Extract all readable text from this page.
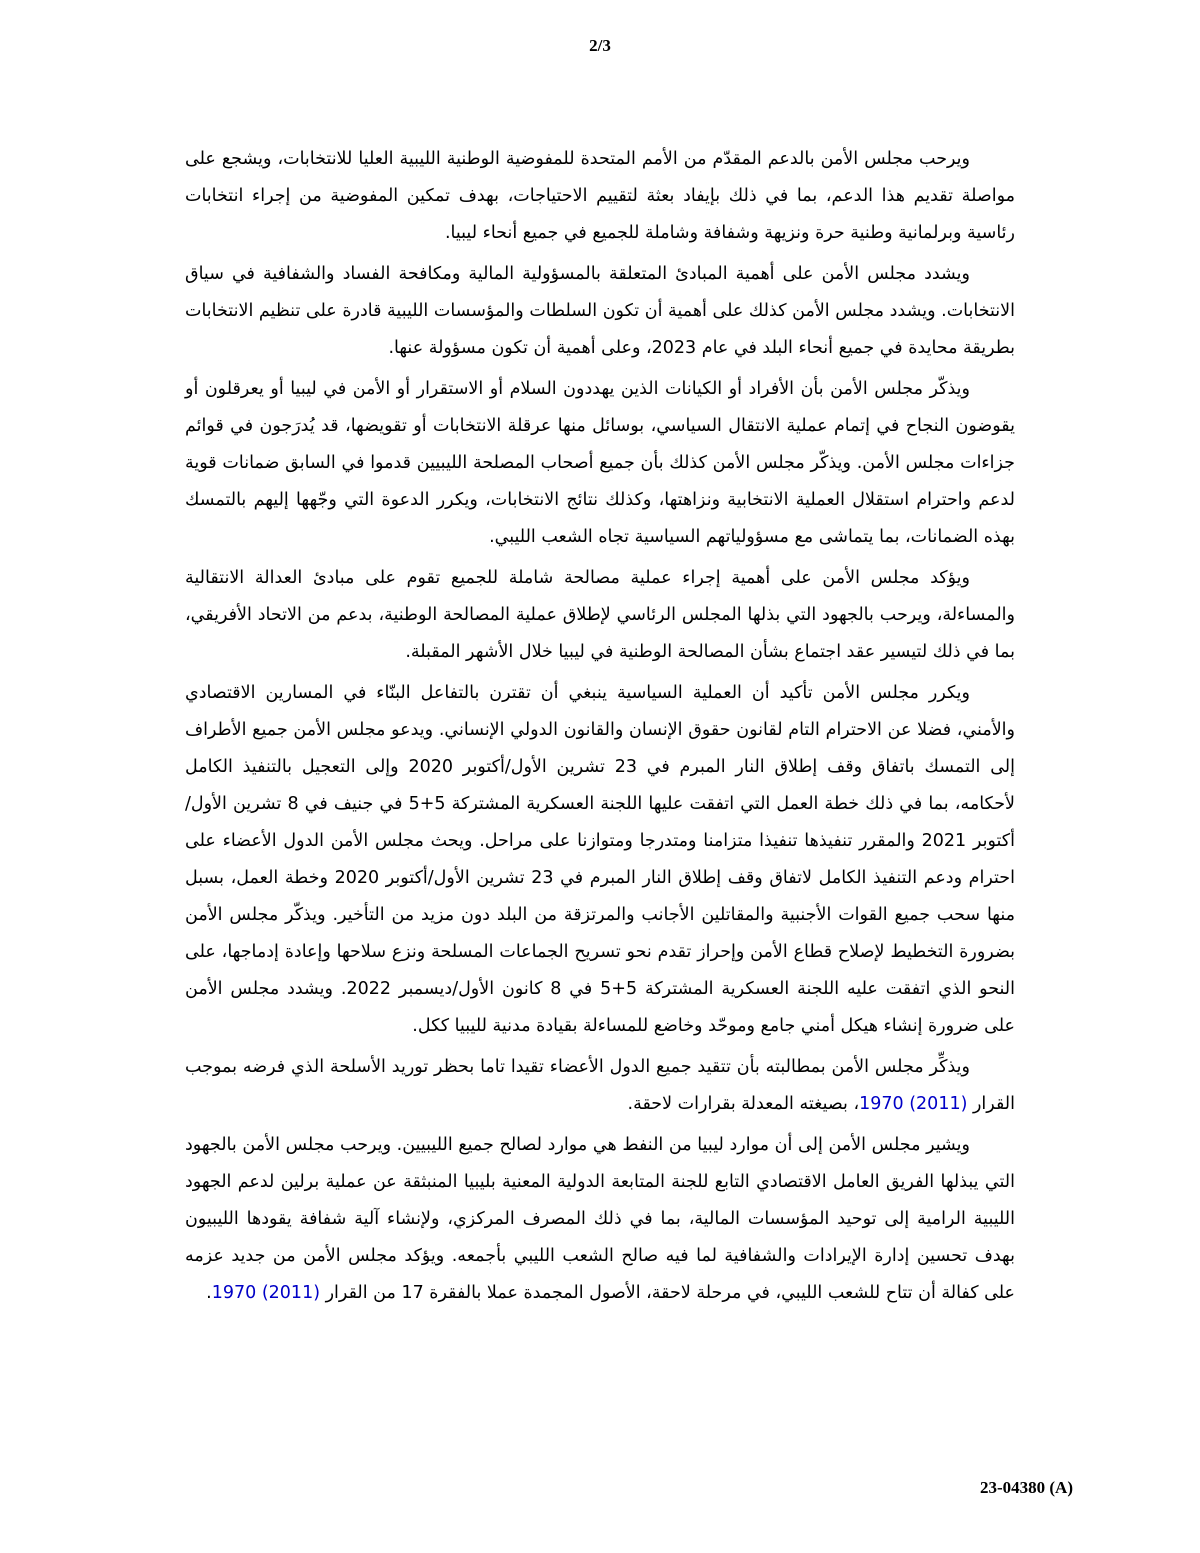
2/3

ويرحب مجلس الأمن بالدعم المقدّم من الأمم المتحدة للمفوضية الوطنية الليبية العليا للانتخابات، ويشجع على مواصلة تقديم هذا الدعم، بما في ذلك بإيفاد بعثة لتقييم الاحتياجات، بهدف تمكين المفوضية من إجراء انتخابات رئاسية وبرلمانية وطنية حرة ونزيهة وشفافة وشاملة للجميع في جميع أنحاء ليبيا.

ويشدد مجلس الأمن على أهمية المبادئ المتعلقة بالمسؤولية المالية ومكافحة الفساد والشفافية في سياق الانتخابات. ويشدد مجلس الأمن كذلك على أهمية أن تكون السلطات والمؤسسات الليبية قادرة على تنظيم الانتخابات بطريقة محايدة في جميع أنحاء البلد في عام 2023، وعلى أهمية أن تكون مسؤولة عنها.

ويذكّر مجلس الأمن بأن الأفراد أو الكيانات الذين يهددون السلام أو الاستقرار أو الأمن في ليبيا أو يعرقلون أو يقوضون النجاح في إتمام عملية الانتقال السياسي، بوسائل منها عرقلة الانتخابات أو تقويضها، قد يُدرَجون في قوائم جزاءات مجلس الأمن. ويذكّر مجلس الأمن كذلك بأن جميع أصحاب المصلحة الليبيين قدموا في السابق ضمانات قوية لدعم واحترام استقلال العملية الانتخابية ونزاهتها، وكذلك نتائج الانتخابات، ويكرر الدعوة التي وجّهها إليهم بالتمسك بهذه الضمانات، بما يتماشى مع مسؤولياتهم السياسية تجاه الشعب الليبي.

ويؤكد مجلس الأمن على أهمية إجراء عملية مصالحة شاملة للجميع تقوم على مبادئ العدالة الانتقالية والمساءلة، ويرحب بالجهود التي بذلها المجلس الرئاسي لإطلاق عملية المصالحة الوطنية، بدعم من الاتحاد الأفريقي، بما في ذلك لتيسير عقد اجتماع بشأن المصالحة الوطنية في ليبيا خلال الأشهر المقبلة.

ويكرر مجلس الأمن تأكيد أن العملية السياسية ينبغي أن تقترن بالتفاعل البنّاء في المسارين الاقتصادي والأمني، فضلا عن الاحترام التام لقانون حقوق الإنسان والقانون الدولي الإنساني. ويدعو مجلس الأمن جميع الأطراف إلى التمسك باتفاق وقف إطلاق النار المبرم في 23 تشرين الأول/أكتوبر 2020 وإلى التعجيل بالتنفيذ الكامل لأحكامه، بما في ذلك خطة العمل التي اتفقت عليها اللجنة العسكرية المشتركة 5+5 في جنيف في 8 تشرين الأول/أكتوبر 2021 والمقرر تنفيذها تنفيذا متزامنا ومتدرجا ومتوازنا على مراحل. ويحث مجلس الأمن الدول الأعضاء على احترام ودعم التنفيذ الكامل لاتفاق وقف إطلاق النار المبرم في 23 تشرين الأول/أكتوبر 2020 وخطة العمل، بسبل منها سحب جميع القوات الأجنبية والمقاتلين الأجانب والمرتزقة من البلد دون مزيد من التأخير. ويذكّر مجلس الأمن بضرورة التخطيط لإصلاح قطاع الأمن وإحراز تقدم نحو تسريح الجماعات المسلحة ونزع سلاحها وإعادة إدماجها، على النحو الذي اتفقت عليه اللجنة العسكرية المشتركة 5+5 في 8 كانون الأول/ديسمبر 2022. ويشدد مجلس الأمن على ضرورة إنشاء هيكل أمني جامع وموحّد وخاضع للمساءلة بقيادة مدنية لليبيا ككل.

ويذكِّر مجلس الأمن بمطالبته بأن تتقيد جميع الدول الأعضاء تقيدا تاما بحظر توريد الأسلحة الذي فرضه بموجب القرار 1970 (2011)، بصيغته المعدلة بقرارات لاحقة.

ويشير مجلس الأمن إلى أن موارد ليبيا من النفط هي موارد لصالح جميع الليبيين. ويرحب مجلس الأمن بالجهود التي يبذلها الفريق العامل الاقتصادي التابع للجنة المتابعة الدولية المعنية بليبيا المنبثقة عن عملية برلين لدعم الجهود الليبية الرامية إلى توحيد المؤسسات المالية، بما في ذلك المصرف المركزي، ولإنشاء آلية شفافة يقودها الليبيون بهدف تحسين إدارة الإيرادات والشفافية لما فيه صالح الشعب الليبي بأجمعه. ويؤكد مجلس الأمن من جديد عزمه على كفالة أن تتاح للشعب الليبي، في مرحلة لاحقة، الأصول المجمدة عملا بالفقرة 17 من القرار 1970 (2011).

23-04380 (A)
